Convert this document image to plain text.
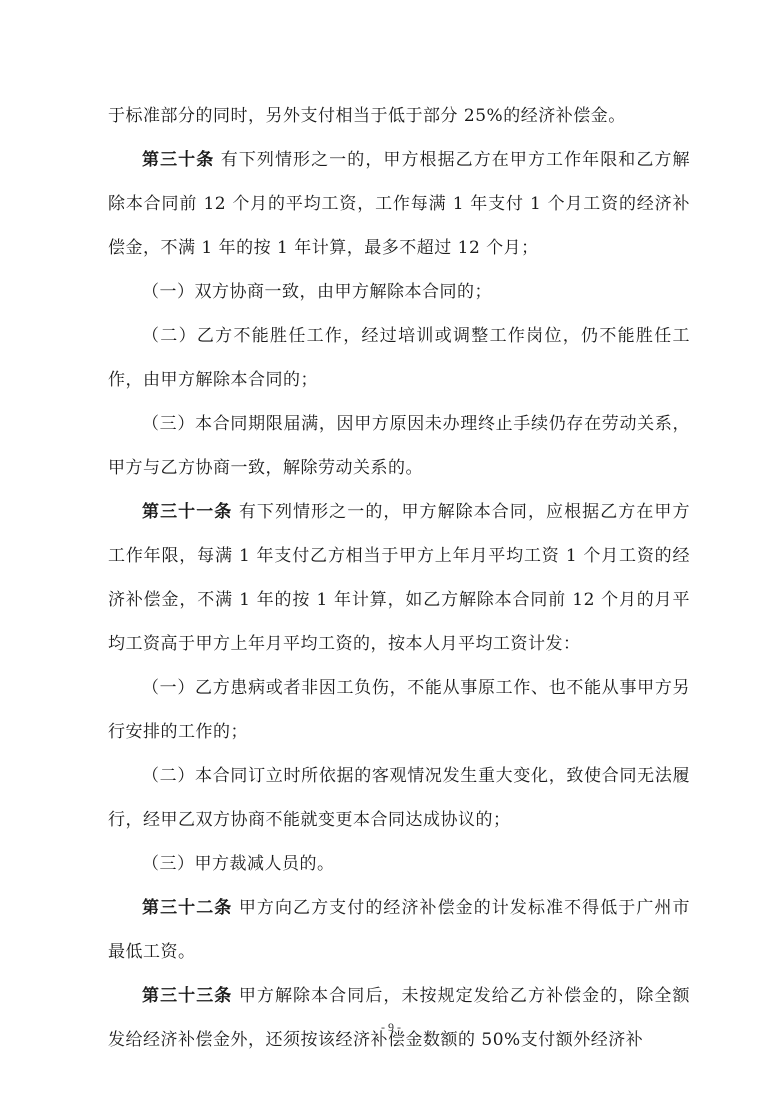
于标准部分的同时，另外支付相当于低于部分 25%的经济补偿金。

第三十条 有下列情形之一的，甲方根据乙方在甲方工作年限和乙方解除本合同前 12 个月的平均工资，工作每满 1 年支付 1 个月工资的经济补偿金，不满 1 年的按 1 年计算，最多不超过 12 个月；

（一）双方协商一致，由甲方解除本合同的；

（二）乙方不能胜任工作，经过培训或调整工作岗位，仍不能胜任工作，由甲方解除本合同的；

（三）本合同期限届满，因甲方原因未办理终止手续仍存在劳动关系，甲方与乙方协商一致，解除劳动关系的。

第三十一条 有下列情形之一的，甲方解除本合同，应根据乙方在甲方工作年限，每满 1 年支付乙方相当于甲方上年月平均工资 1 个月工资的经济补偿金，不满 1 年的按 1 年计算，如乙方解除本合同前 12 个月的月平均工资高于甲方上年月平均工资的，按本人月平均工资计发：

（一）乙方患病或者非因工负伤，不能从事原工作、也不能从事甲方另行安排的工作的；

（二）本合同订立时所依据的客观情况发生重大变化，致使合同无法履行，经甲乙双方协商不能就变更本合同达成协议的；

（三）甲方裁减人员的。

第三十二条 甲方向乙方支付的经济补偿金的计发标准不得低于广州市最低工资。

第三十三条 甲方解除本合同后，未按规定发给乙方补偿金的，除全额发给经济补偿金外，还须按该经济补偿金数额的 50%支付额外经济补

- 9 -
